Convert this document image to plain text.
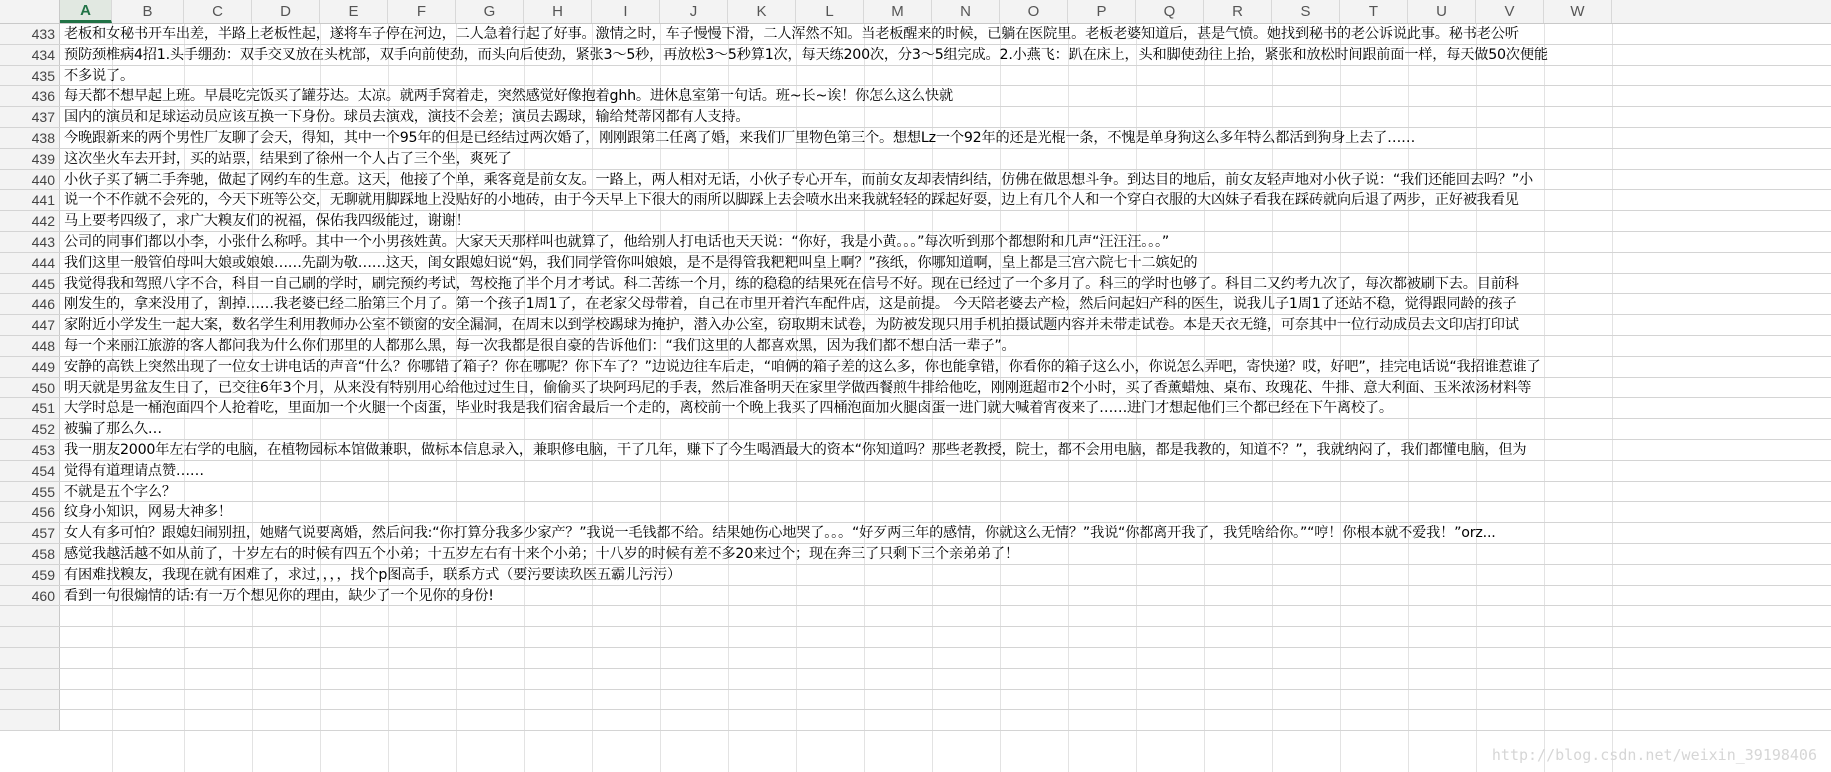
A	B	C	D	E	F	G	H	I	J	K	L	M	N	O	P	Q	R	S	T	U	V	W
433 老板和女秘书开车出差，半路上老板性起，遂将车子停在河边，二人急着行起了好事。激情之时，车子慢慢下滑，二人浑然不知。当老板醒来的时候，已躺在医院里。老板老婆知道后，甚是气愤。她找到秘书的老公诉说此事。秘书老公听
434 预防颈椎病4招1.头手绷劲：双手交叉放在头枕部，双手向前使劲，而头向后使劲，紧张3～5秒，再放松3～5秒算1次，每天练200次，分3～5组完成。2.小燕飞：趴在床上，头和脚使劲往上抬，紧张和放松时间跟前面一样，每天做50次便能
435 不多说了。
436 每天都不想早起上班。早晨吃完饭买了罐芬达。太凉。就两手窝着走，突然感觉好像抱着ghh。进休息室第一句话。班~长~诶！你怎么这么快就
437 国内的演员和足球运动员应该互换一下身份。球员去演戏，演技不会差；演员去踢球，输给梵蒂冈都有人支持。
438 今晚跟新来的两个男性厂友聊了会天，得知，其中一个95年的但是已经结过两次婚了，刚刚跟第二任离了婚，来我们厂里物色第三个。想想Lz一个92年的还是光棍一条，不愧是单身狗这么多年特么都活到狗身上去了……
439 这次坐火车去开封，买的站票，结果到了徐州一个人占了三个坐，爽死了
440 小伙子买了辆二手奔驰，做起了网约车的生意。这天，他接了个单，乘客竟是前女友。一路上，两人相对无话，小伙子专心开车，而前女友却表情纠结，仿佛在做思想斗争。到达目的地后，前女友轻声地对小伙子说：“我们还能回去吗？”小
441 说一个不作就不会死的，今天下班等公交，无聊就用脚踩地上没贴好的小地砖，由于今天早上下很大的雨所以脚踩上去会喷水出来我就轻轻的踩起好耍，边上有几个人和一个穿白衣服的大凶妹子看我在踩砖就向后退了两步，正好被我看见
442 马上要考四级了，求广大糗友们的祝福，保佑我四级能过，谢谢！
443 公司的同事们都以小李，小张什么称呼。其中一个小男孩姓黄。大家天天那样叫也就算了，他给别人打电话也天天说：“你好，我是小黄。。。”每次听到那个都想附和几声“汪汪汪。。。”
444 我们这里一般管伯母叫大娘或娘娘……先副为敬……这天，闺女跟媳妇说“妈，我们同学管你叫娘娘，是不是得管我粑粑叫皇上啊？”孩纸，你哪知道啊，皇上都是三宫六院七十二嫔妃的
445 我觉得我和驾照八字不合，科目一自己刷的学时，刷完预约考试，驾校拖了半个月才考试。科二苦练一个月，练的稳稳的结果死在信号不好。现在已经过了一个多月了。科三的学时也够了。科目二又约考九次了，每次都被刷下去。目前科
446 刚发生的，拿来没用了，割掉……我老婆已经二胎第三个月了。第一个孩子1周1了，在老家父母带着，自己在市里开着汽车配件店，这是前提。 今天陪老婆去产检，然后问起妇产科的医生，说我儿子1周1了还站不稳，觉得跟同龄的孩子
447 家附近小学发生一起大案，数名学生利用教师办公室不锁窗的安全漏洞，在周末以到学校踢球为掩护，潜入办公室，窃取期末试卷，为防被发现只用手机拍摄试题内容并未带走试卷。本是天衣无缝，可奈其中一位行动成员去文印店打印试
448 每一个来丽江旅游的客人都问我为什么你们那里的人都那么黑，每一次我都是很自豪的告诉他们：“我们这里的人都喜欢黑，因为我们都不想白活一辈子”。
449 安静的高铁上突然出现了一位女士讲电话的声音“什么？你哪错了箱子？你在哪呢？你下车了？”边说边往车后走，“咱俩的箱子差的这么多，你也能拿错，你看你的箱子这么小，你说怎么弄吧，寄快递？哎，好吧”，挂完电话说“我招谁惹谁了
450 明天就是男盆友生日了，已交往6年3个月，从来没有特别用心给他过过生日，偷偷买了块阿玛尼的手表，然后准备明天在家里学做西餐煎牛排给他吃，刚刚逛超市2个小时，买了香薰蜡烛、桌布、玫瑰花、牛排、意大利面、玉米浓汤材料等
451 大学时总是一桶泡面四个人抢着吃，里面加一个火腿一个卤蛋，毕业时我是我们宿舍最后一个走的，离校前一个晚上我买了四桶泡面加火腿卤蛋一进门就大喊着宵夜来了……进门才想起他们三个都已经在下午离校了。
452 被骗了那么久…
453 我一朋友2000年左右学的电脑，在植物园标本馆做兼职，做标本信息录入，兼职修电脑，干了几年，赚下了今生喝酒最大的资本“你知道吗？那些老教授，院士，都不会用电脑，都是我教的，知道不？”，我就纳闷了，我们都懂电脑，但为
454 觉得有道理请点赞……
455 不就是五个字么？
456 纹身小知识，网易大神多！
457 女人有多可怕？跟媳妇闹别扭，她赌气说要离婚，然后问我:“你打算分我多少家产？”我说一毛钱都不给。结果她伤心地哭了。。。“好歹两三年的感情，你就这么无情？”我说“你都离开我了，我凭啥给你。”“哼！你根本就不爱我！”orz...
458 感觉我越活越不如从前了，十岁左右的时候有四五个小弟；十五岁左右有十来个小弟；十八岁的时候有差不多20来过个；现在奔三了只剩下三个亲弟弟了！
459 有困难找糗友，我现在就有困难了，求过，，，，找个p图高手，联系方式（要污要读玖医五霸儿污污）
460 看到一句很煽情的话:有一万个想见你的理由，缺少了一个见你的身份!
http://blog.csdn.net/weixin_39198406
